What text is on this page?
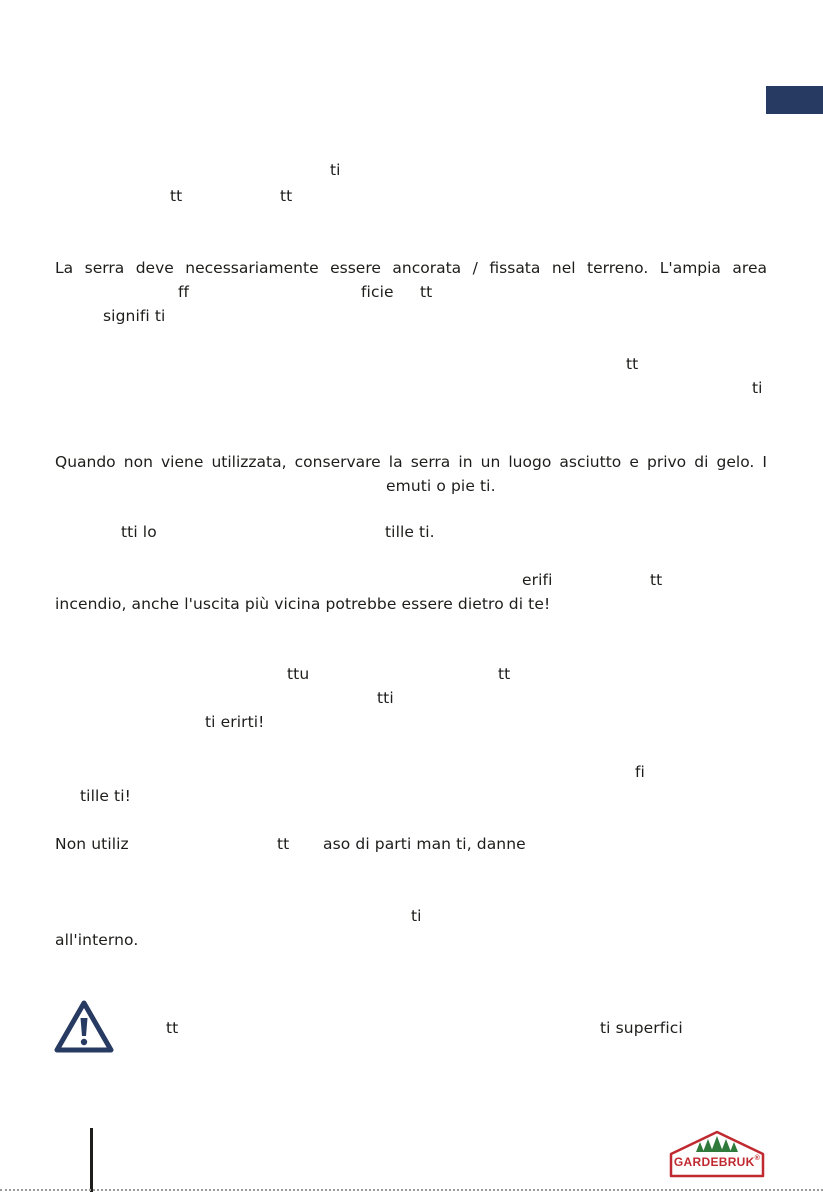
ti
tt	tt
La serra deve necessariamente essere ancorata / fissata nel terreno. L'ampia area
ff	ficie tt
signifi ti
tt
ti
Quando non viene utilizzata, conservare la serra in un luogo asciutto e privo di gelo. I
emuti o pie ti.
tti lo	tille ti.
erifi	tt
incendio, anche l'uscita più vicina potrebbe essere dietro di te!
ttu	tt
tti
ti erirti!
fi
tille ti!
Non utiliz	tt aso di parti man ti, danne
ti
all'interno.
tt	ti superfici
GARDEBRUK®
